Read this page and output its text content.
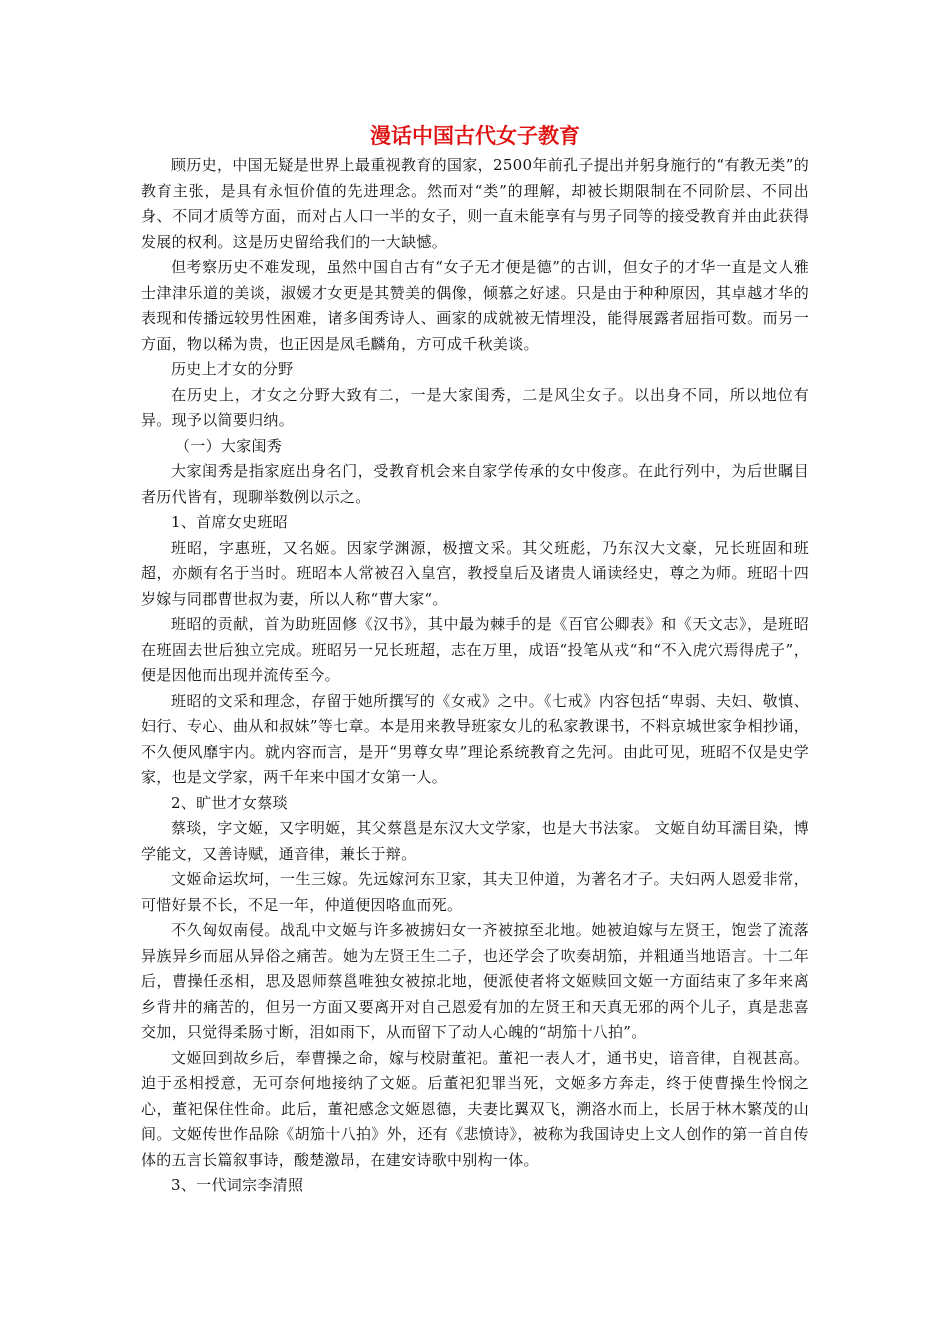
漫话中国古代女子教育

顾历史，中国无疑是世界上最重视教育的国家，2500年前孔子提出并躬身施行的“有教无类”的教育主张，是具有永恒价值的先进理念。然而对“类”的理解，却被长期限制在不同阶层、不同出身、不同才质等方面，而对占人口一半的女子，则一直未能享有与男子同等的接受教育并由此获得发展的权利。这是历史留给我们的一大缺憾。

但考察历史不难发现，虽然中国自古有“女子无才便是德”的古训，但女子的才华一直是文人雅士津津乐道的美谈，淑媛才女更是其赞美的偶像，倾慕之好逑。只是由于种种原因，其卓越才华的表现和传播远较男性困难，诸多闺秀诗人、画家的成就被无情埋没，能得展露者屈指可数。而另一方面，物以稀为贵，也正因是凤毛麟角，方可成千秋美谈。

历史上才女的分野

在历史上，才女之分野大致有二，一是大家闺秀，二是风尘女子。以出身不同，所以地位有异。现予以简要归纳。

（一）大家闺秀

大家闺秀是指家庭出身名门，受教育机会来自家学传承的女中俊彦。在此行列中，为后世瞩目者历代皆有，现聊举数例以示之。

1、首席女史班昭

班昭，字惠班，又名姬。因家学渊源，极擅文采。其父班彪，乃东汉大文豪，兄长班固和班超，亦颇有名于当时。班昭本人常被召入皇宫，教授皇后及诸贵人诵读经史，尊之为师。班昭十四岁嫁与同郡曹世叔为妻，所以人称“曹大家“。

班昭的贡献，首为助班固修《汉书》，其中最为棘手的是《百官公卿表》和《天文志》，是班昭在班固去世后独立完成。班昭另一兄长班超，志在万里，成语“投笔从戎“和“不入虎穴焉得虎子”，便是因他而出现并流传至今。

班昭的文采和理念，存留于她所撰写的《女戒》之中。《七戒》内容包括“卑弱、夫妇、敬慎、妇行、专心、曲从和叔妹”等七章。本是用来教导班家女儿的私家教课书，不料京城世家争相抄诵，不久便风靡宇内。就内容而言，是开“男尊女卑”理论系统教育之先河。由此可见，班昭不仅是史学家，也是文学家，两千年来中国才女第一人。

2、旷世才女蔡琰

蔡琰，字文姬，又字明姬，其父蔡邕是东汉大文学家，也是大书法家。 文姬自幼耳濡目染，博学能文，又善诗赋，通音律，兼长于辩。

文姬命运坎坷，一生三嫁。先远嫁河东卫家，其夫卫仲道，为著名才子。夫妇两人恩爱非常，可惜好景不长，不足一年，仲道便因咯血而死。

不久匈奴南侵。战乱中文姬与许多被掳妇女一齐被掠至北地。她被迫嫁与左贤王，饱尝了流落异族异乡而屈从异俗之痛苦。她为左贤王生二子，也还学会了吹奏胡笳，并粗通当地语言。十二年后，曹操任丞相，思及恩师蔡邕唯独女被掠北地，便派使者将文姬赎回文姬一方面结束了多年来离乡背井的痛苦的，但另一方面又要离开对自己恩爱有加的左贤王和天真无邪的两个儿子，真是悲喜交加，只觉得柔肠寸断，泪如雨下，从而留下了动人心魄的“胡笳十八拍”。

文姬回到故乡后，奉曹操之命，嫁与校尉董祀。董祀一表人才，通书史，谙音律，自视甚高。迫于丞相授意，无可奈何地接纳了文姬。后董祀犯罪当死，文姬多方奔走，终于使曹操生怜悯之心，董祀保住性命。此后，董祀感念文姬恩德，夫妻比翼双飞，溯洛水而上，长居于林木繁茂的山间。文姬传世作品除《胡笳十八拍》外，还有《悲愤诗》，被称为我国诗史上文人创作的第一首自传体的五言长篇叙事诗，酸楚激昂，在建安诗歌中别构一体。

3、一代词宗李清照
